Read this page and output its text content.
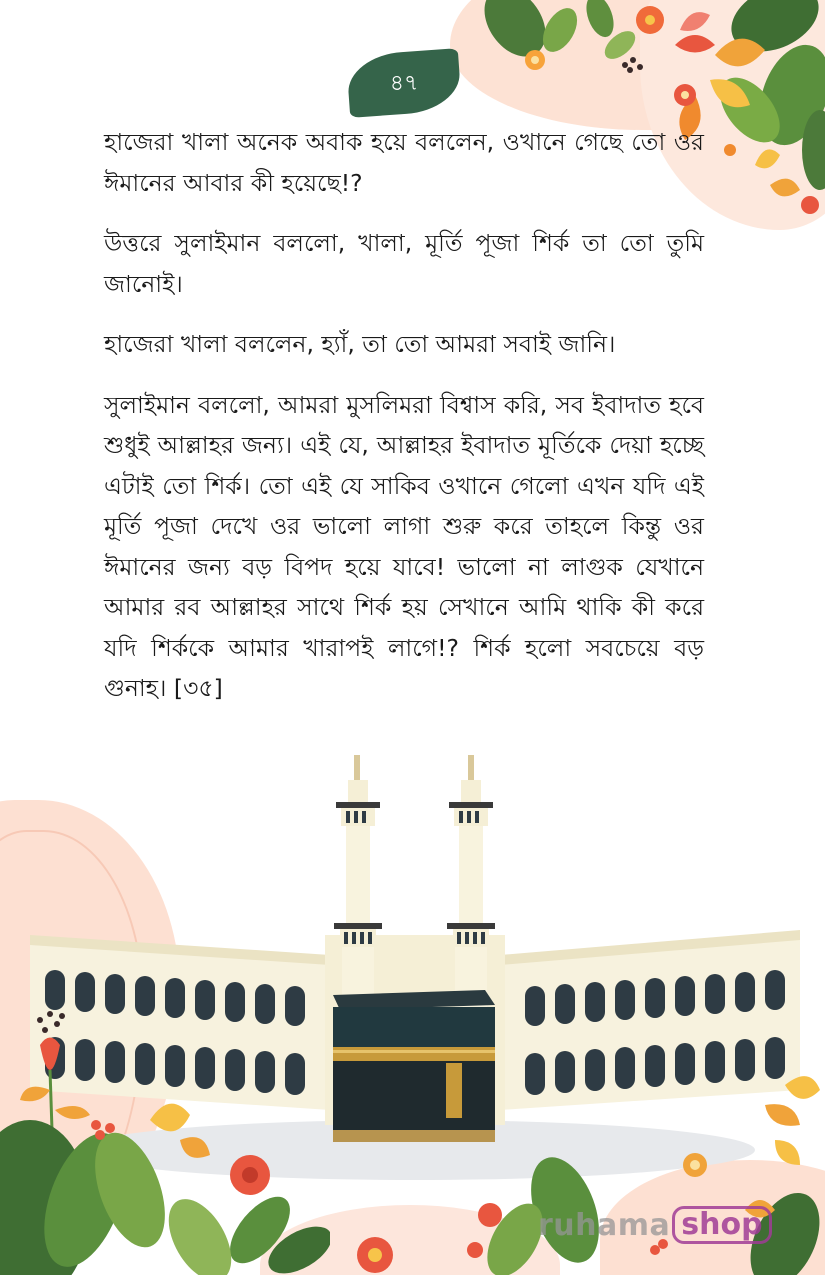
৪৭

হাজেরা খালা অনেক অবাক হয়ে বললেন, ওখানে গেছে তো ওর ঈমানের আবার কী হয়েছে!?

উত্তরে সুলাইমান বললো, খালা, মূর্তি পূজা শির্ক তা তো তুমি জানোই।

হাজেরা খালা বললেন, হ্যাঁ, তা তো আমরা সবাই জানি।

সুলাইমান বললো, আমরা মুসলিমরা বিশ্বাস করি, সব ইবাদাত হবে শুধুই আল্লাহর জন্য। এই যে, আল্লাহর ইবাদাত মূর্তিকে দেয়া হচ্ছে এটাই তো শির্ক। তো এই যে সাকিব ওখানে গেলো এখন যদি এই মূর্তি পূজা দেখে ওর ভালো লাগা শুরু করে তাহলে কিন্তু ওর ঈমানের জন্য বড় বিপদ হয়ে যাবে! ভালো না লাগুক যেখানে আমার রব আল্লাহর সাথে শির্ক হয় সেখানে আমি থাকি কী করে যদি শির্ককে আমার খারাপই লাগে!? শির্ক হলো সবচেয়ে বড় গুনাহ। [৩৫]

ruhama shop
